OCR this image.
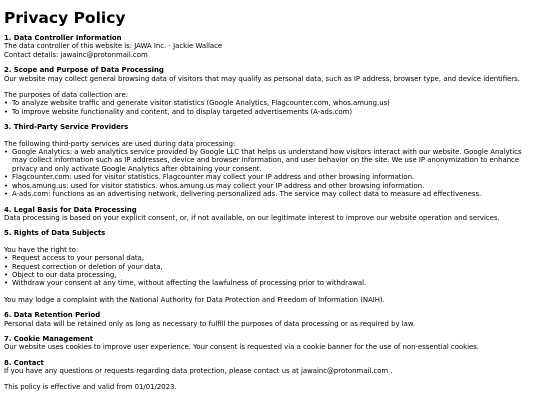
Privacy Policy
1. Data Controller Information

The data controller of this website is: JAWA Inc. - Jackie Wallace

Contact details: jawainc@protonmail.com

2. Scope and Purpose of Data Processing

Our website may collect general browsing data of visitors that may qualify as personal data, such as IP address, browser type, and device identifiers.

The purposes of data collection are:

• To analyze website traffic and generate visitor statistics (Google Analytics, Flagcounter.com, whos.amung.us)
• To improve website functionality and content, and to display targeted advertisements (A-ads.com)
3. Third-Party Service Providers

The following third-party services are used during data processing:

• Google Analytics: a web analytics service provided by Google LLC that helps us understand how visitors interact with our website. Google Analytics may collect information such as IP addresses, device and browser information, and user behavior on the site. We use IP anonymization to enhance privacy and only activate Google Analytics after obtaining your consent.
• Flagcounter.com: used for visitor statistics. Flagcounter may collect your IP address and other browsing information.
• whos.amung.us: used for visitor statistics. whos.amung.us may collect your IP address and other browsing information.
• A-ads.com: functions as an advertising network, delivering personalized ads. The service may collect data to measure ad effectiveness.
4. Legal Basis for Data Processing

Data processing is based on your explicit consent, or, if not available, on our legitimate interest to improve our website operation and services.

5. Rights of Data Subjects

You have the right to:

• Request access to your personal data,
• Request correction or deletion of your data,
• Object to our data processing,
• Withdraw your consent at any time, without affecting the lawfulness of processing prior to withdrawal.

You may lodge a complaint with the National Authority for Data Protection and Freedom of Information (NAIH).

6. Data Retention Period

Personal data will be retained only as long as necessary to fulfill the purposes of data processing or as required by law.

7. Cookie Management

Our website uses cookies to improve user experience. Your consent is requested via a cookie banner for the use of non-essential cookies.

8. Contact

If you have any questions or requests regarding data protection, please contact us at jawainc@protonmail.com .

This policy is effective and valid from 01/01/2023.
